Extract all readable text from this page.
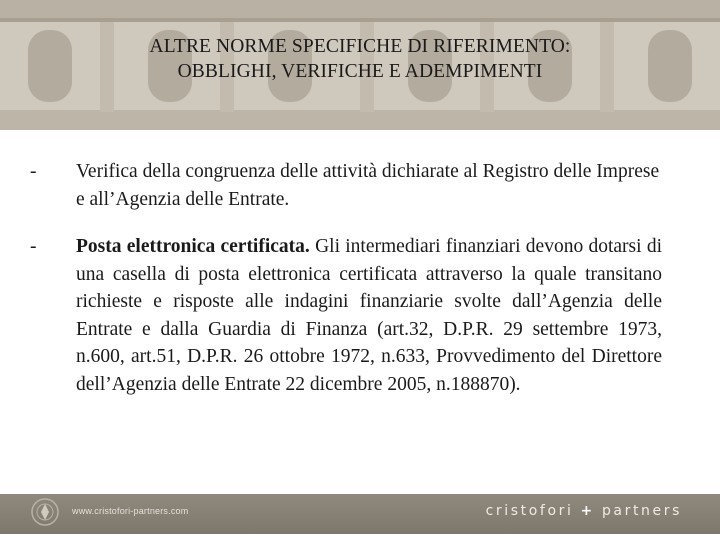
ALTRE NORME SPECIFICHE DI RIFERIMENTO:
OBBLIGHI, VERIFICHE E ADEMPIMENTI
- Verifica della congruenza delle attività dichiarate al Registro delle Imprese e all’Agenzia delle Entrate.
- Posta elettronica certificata. Gli intermediari finanziari devono dotarsi di una casella di posta elettronica certificata attraverso la quale transitano richieste e risposte alle indagini finanziarie svolte dall’Agenzia delle Entrate e dalla Guardia di Finanza (art.32, D.P.R. 29 settembre 1973, n.600, art.51, D.P.R. 26 ottobre 1972, n.633, Provvedimento del Direttore dell’Agenzia delle Entrate 22 dicembre 2005, n.188870).
www.cristofori-partners.com	cristofori + partners
